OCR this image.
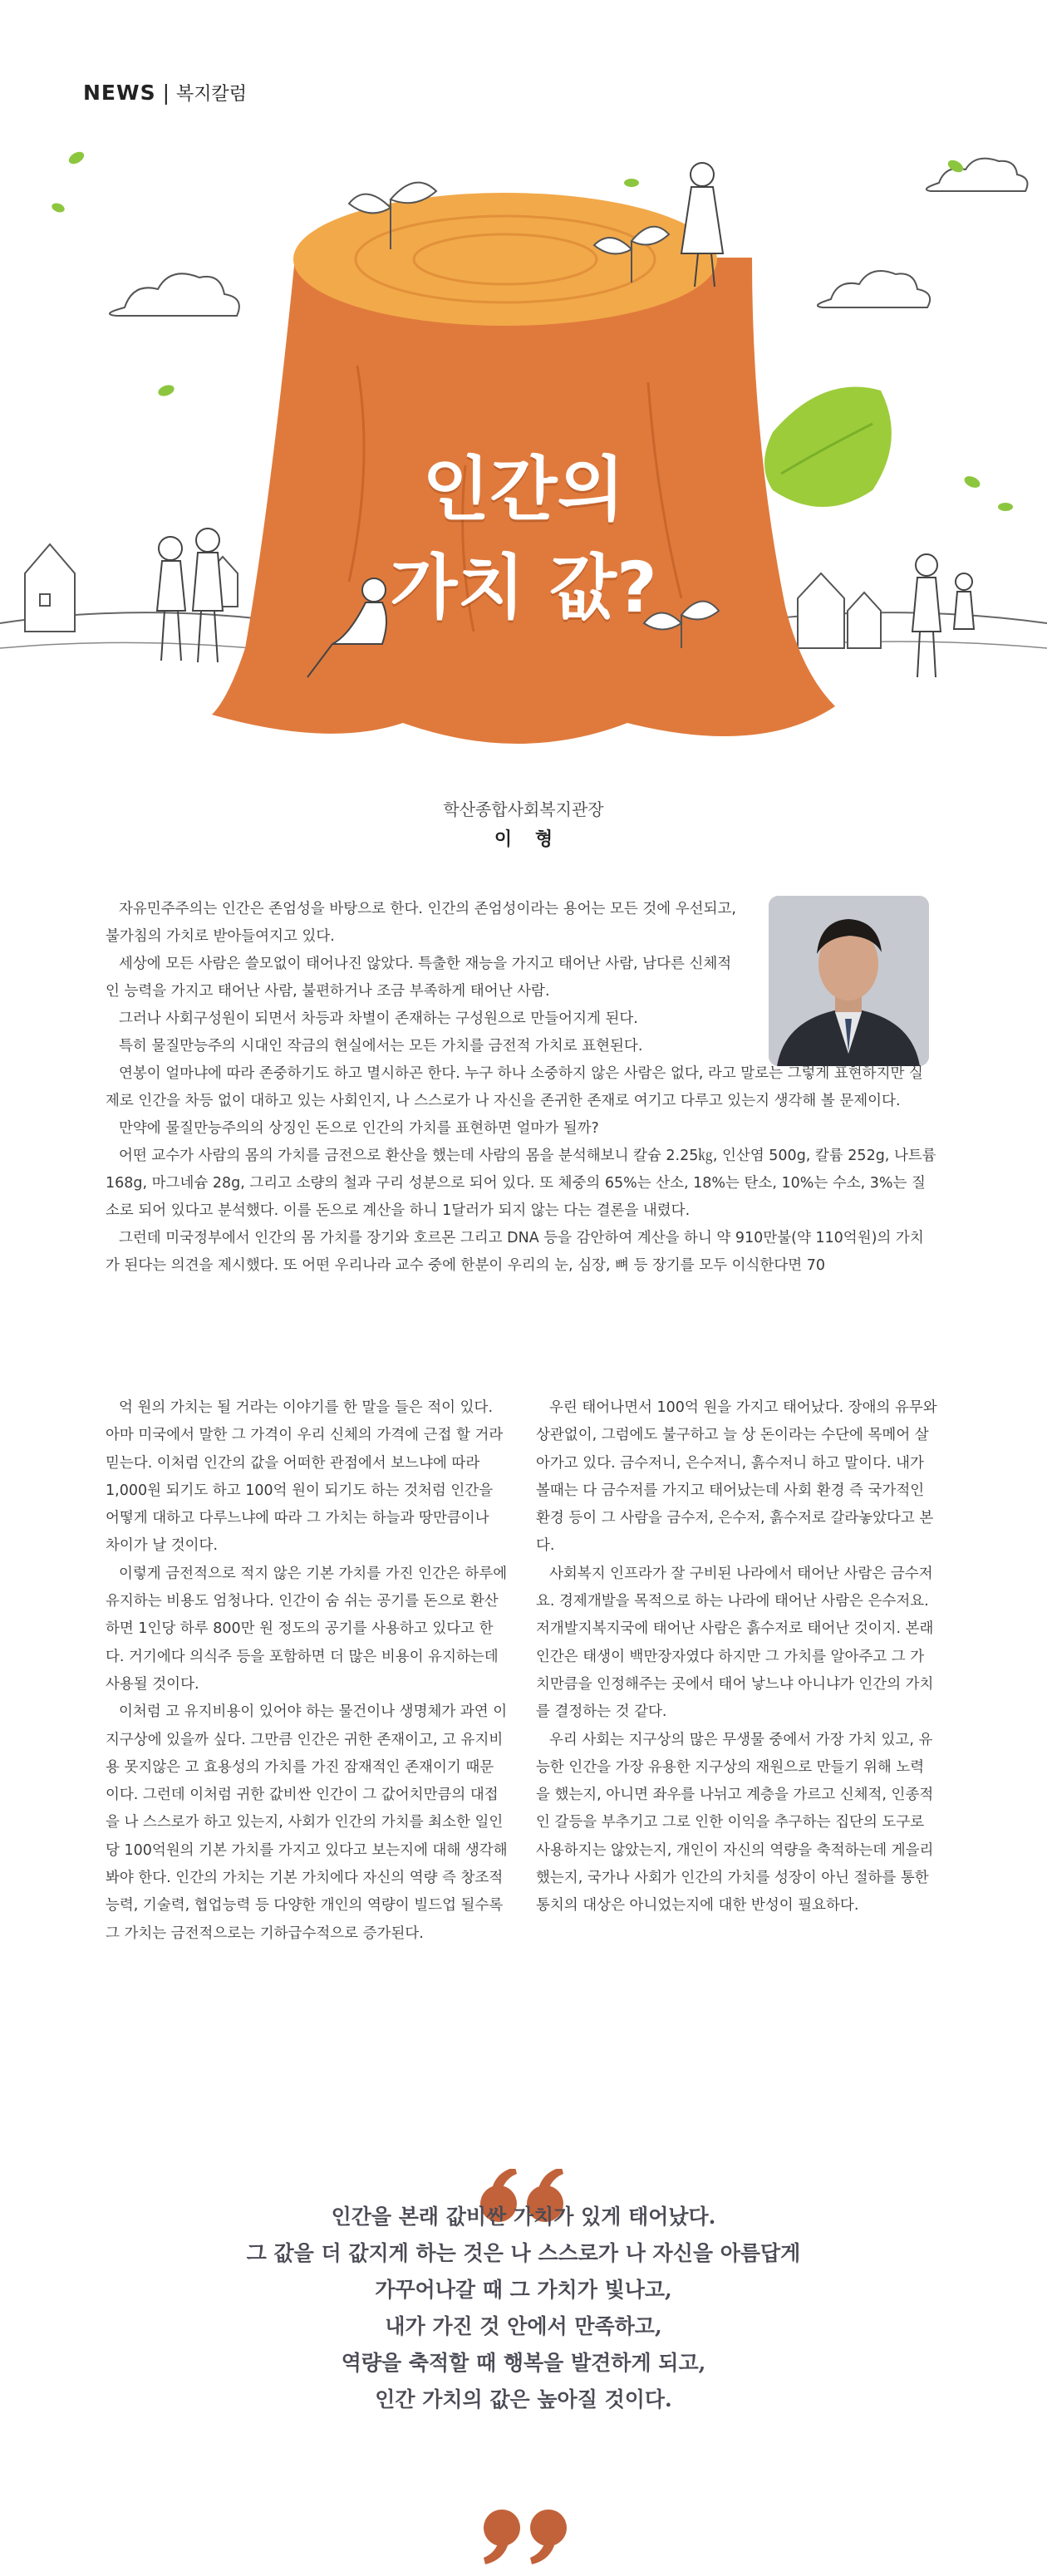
NEWS | 복지칼럼
인간의
가치 값?
학산종합사회복지관장
이 형

자유민주주의는 인간은 존엄성을 바탕으로 한다. 인간의 존엄성이라는 용어는 모든 것에 우선되고, 불가침의 가치로 받아들여지고 있다.

세상에 모든 사람은 쓸모없이 태어나진 않았다. 특출한 재능을 가지고 태어난 사람, 남다른 신체적인 능력을 가지고 태어난 사람, 불편하거나 조금 부족하게 태어난 사람.

그러나 사회구성원이 되면서 차등과 차별이 존재하는 구성원으로 만들어지게 된다.

특히 물질만능주의 시대인 작금의 현실에서는 모든 가치를 금전적 가치로 표현된다.

연봉이 얼마냐에 따라 존중하기도 하고 멸시하곤 한다. 누구 하나 소중하지 않은 사람은 없다, 라고 말로는 그렇게 표현하지만 실제로 인간을 차등 없이 대하고 있는 사회인지, 나 스스로가 나 자신을 존귀한 존재로 여기고 다루고 있는지 생각해 볼 문제이다.

만약에 물질만능주의의 상징인 돈으로 인간의 가치를 표현하면 얼마가 될까?

어떤 교수가 사람의 몸의 가치를 금전으로 환산을 했는데 사람의 몸을 분석해보니 칼슘 2.25㎏, 인산염 500g, 칼륨 252g, 나트륨 168g, 마그네슘 28g, 그리고 소량의 철과 구리 성분으로 되어 있다. 또 체중의 65%는 산소, 18%는 탄소, 10%는 수소, 3%는 질소로 되어 있다고 분석했다. 이를 돈으로 계산을 하니 1달러가 되지 않는 다는 결론을 내렸다.

그런데 미국정부에서 인간의 몸 가치를 장기와 호르몬 그리고 DNA 등을 감안하여 계산을 하니 약 910만불(약 110억원)의 가치가 된다는 의견을 제시했다. 또 어떤 우리나라 교수 중에 한분이 우리의 눈, 심장, 뼈 등 장기를 모두 이식한다면 70

억 원의 가치는 될 거라는 이야기를 한 말을 들은 적이 있다. 아마 미국에서 말한 그 가격이 우리 신체의 가격에 근접 할 거라 믿는다. 이처럼 인간의 값을 어떠한 관점에서 보느냐에 따라 1,000원 되기도 하고 100억 원이 되기도 하는 것처럼 인간을 어떻게 대하고 다루느냐에 따라 그 가치는 하늘과 땅만큼이나 차이가 날 것이다.

이렇게 금전적으로 적지 않은 기본 가치를 가진 인간은 하루에 유지하는 비용도 엄청나다. 인간이 숨 쉬는 공기를 돈으로 환산하면 1인당 하루 800만 원 정도의 공기를 사용하고 있다고 한다. 거기에다 의식주 등을 포함하면 더 많은 비용이 유지하는데 사용될 것이다.

이처럼 고 유지비용이 있어야 하는 물건이나 생명체가 과연 이 지구상에 있을까 싶다. 그만큼 인간은 귀한 존재이고, 고 유지비용 못지않은 고 효용성의 가치를 가진 잠재적인 존재이기 때문이다. 그런데 이처럼 귀한 값비싼 인간이 그 값어치만큼의 대접을 나 스스로가 하고 있는지, 사회가 인간의 가치를 최소한 일인당 100억원의 기본 가치를 가지고 있다고 보는지에 대해 생각해 봐야 한다. 인간의 가치는 기본 가치에다 자신의 역량 즉 창조적 능력, 기술력, 협업능력 등 다양한 개인의 역량이 빌드업 될수록 그 가치는 금전적으로는 기하급수적으로 증가된다.

우린 태어나면서 100억 원을 가지고 태어났다. 장애의 유무와 상관없이, 그럼에도 불구하고 늘 상 돈이라는 수단에 목메어 살아가고 있다. 금수저니, 은수저니, 흙수저니 하고 말이다. 내가 볼때는 다 금수저를 가지고 태어났는데 사회 환경 즉 국가적인 환경 등이 그 사람을 금수저, 은수저, 흙수저로 갈라놓았다고 본다.

사회복지 인프라가 잘 구비된 나라에서 태어난 사람은 금수저요. 경제개발을 목적으로 하는 나라에 태어난 사람은 은수저요. 저개발지복지국에 태어난 사람은 흙수저로 태어난 것이지. 본래 인간은 태생이 백만장자였다 하지만 그 가치를 알아주고 그 가치만큼을 인정해주는 곳에서 태어 낳느냐 아니냐가 인간의 가치를 결정하는 것 같다.

우리 사회는 지구상의 많은 무생물 중에서 가장 가치 있고, 유능한 인간을 가장 유용한 지구상의 재원으로 만들기 위해 노력을 했는지, 아니면 좌우를 나뉘고 계층을 가르고 신체적, 인종적인 갈등을 부추기고 그로 인한 이익을 추구하는 집단의 도구로 사용하지는 않았는지, 개인이 자신의 역량을 축적하는데 게을리 했는지, 국가나 사회가 인간의 가치를 성장이 아닌 절하를 통한 통치의 대상은 아니었는지에 대한 반성이 필요하다.

인간을 본래 값비싼 가치가 있게 태어났다.
그 값을 더 값지게 하는 것은 나 스스로가 나 자신을 아름답게
가꾸어나갈 때 그 가치가 빛나고,
내가 가진 것 안에서 만족하고,
역량을 축적할 때 행복을 발견하게 되고,
인간 가치의 값은 높아질 것이다.
